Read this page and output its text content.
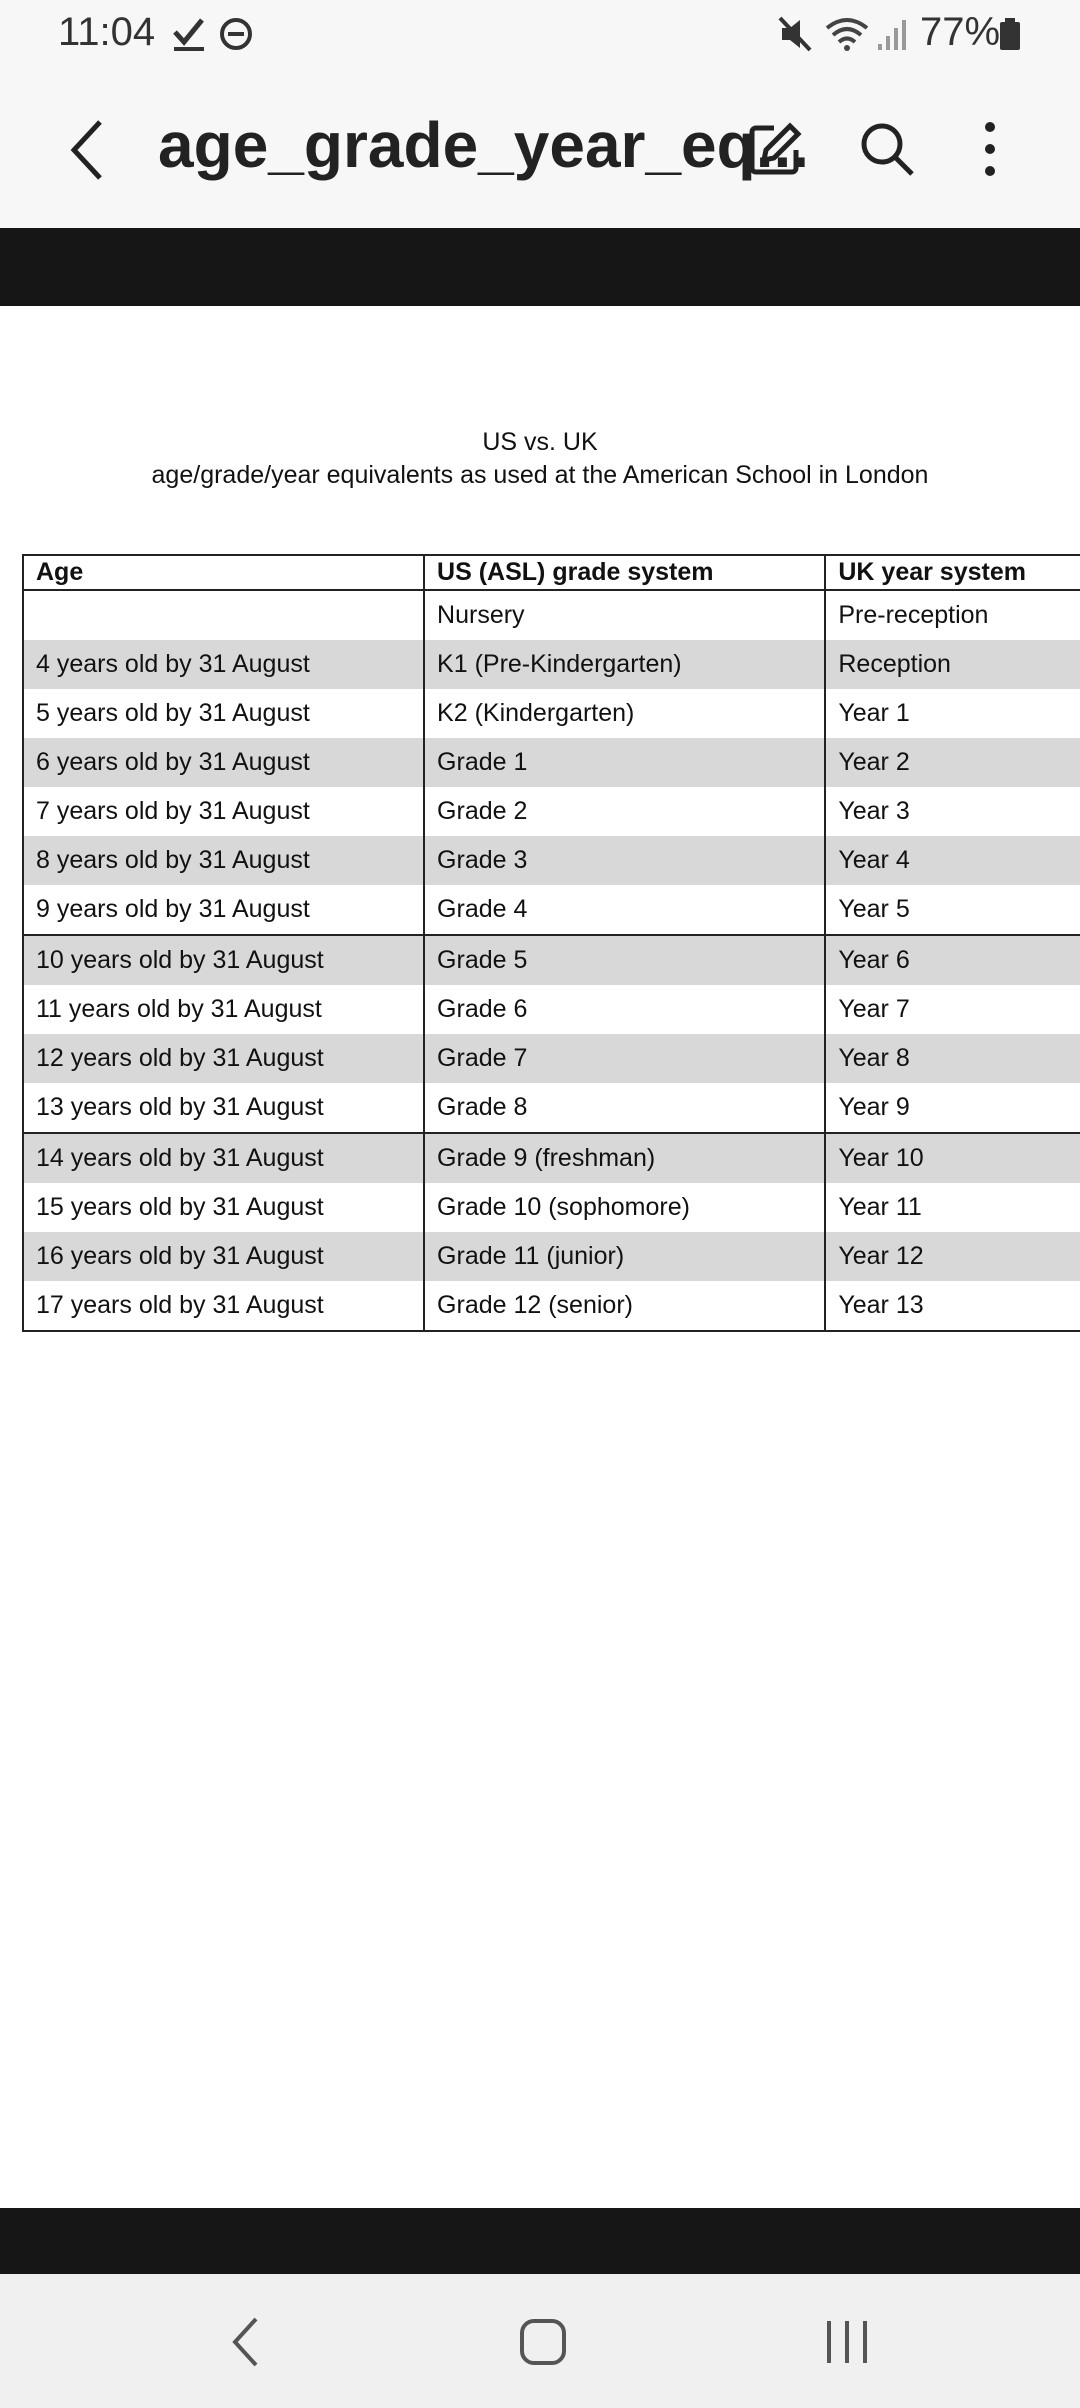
11:04	77%
age_grade_year_eq...
US vs. UK
age/grade/year equivalents as used at the American School in London
Age	US (ASL) grade system	UK year system
	Nursery	Pre-reception
4 years old by 31 August	K1 (Pre-Kindergarten)	Reception
5 years old by 31 August	K2 (Kindergarten)	Year 1
6 years old by 31 August	Grade 1	Year 2
7 years old by 31 August	Grade 2	Year 3
8 years old by 31 August	Grade 3	Year 4
9 years old by 31 August	Grade 4	Year 5
10 years old by 31 August	Grade 5	Year 6
11 years old by 31 August	Grade 6	Year 7
12 years old by 31 August	Grade 7	Year 8
13 years old by 31 August	Grade 8	Year 9
14 years old by 31 August	Grade 9 (freshman)	Year 10
15 years old by 31 August	Grade 10 (sophomore)	Year 11
16 years old by 31 August	Grade 11 (junior)	Year 12
17 years old by 31 August	Grade 12 (senior)	Year 13
